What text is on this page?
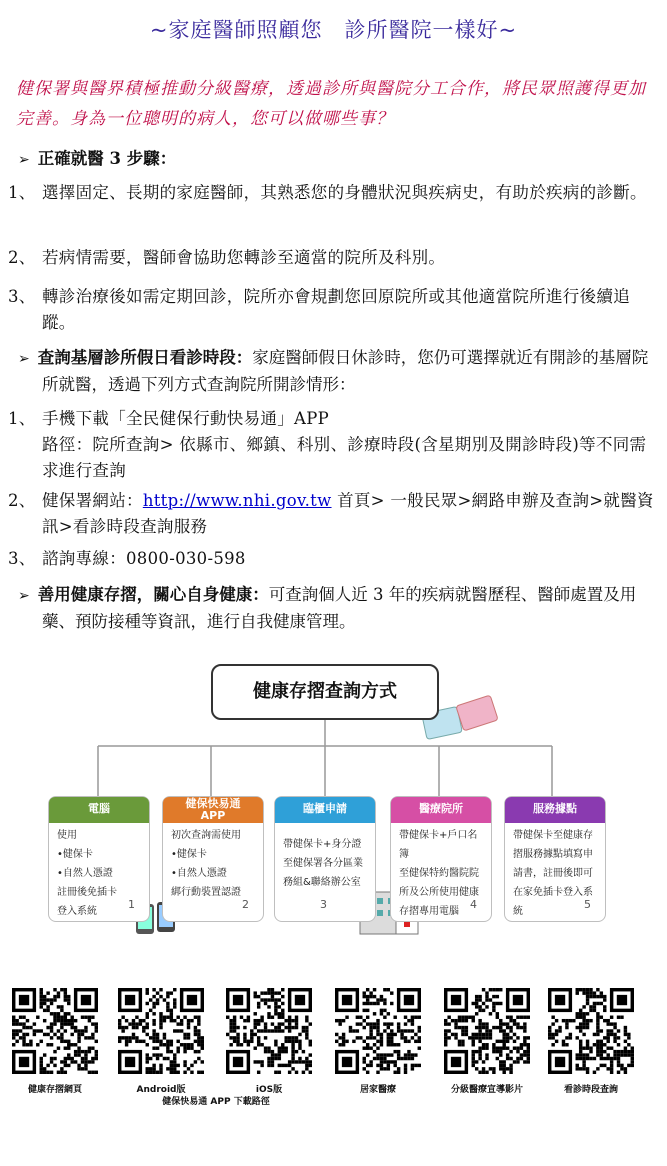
~家庭醫師照顧您　診所醫院一樣好~
健保署與醫界積極推動分級醫療，透過診所與醫院分工合作，將民眾照護得更加完善。身為一位聰明的病人，您可以做哪些事？
➢ 正確就醫 3 步驟：
1、 選擇固定、長期的家庭醫師，其熟悉您的身體狀況與疾病史，有助於疾病的診斷。
2、 若病情需要，醫師會協助您轉診至適當的院所及科別。
3、 轉診治療後如需定期回診，院所亦會規劃您回原院所或其他適當院所進行後續追蹤。
➢ 查詢基層診所假日看診時段：家庭醫師假日休診時，您仍可選擇就近有開診的基層院所就醫，透過下列方式查詢院所開診情形：
1、 手機下載「全民健保行動快易通」APP
路徑：院所查詢> 依縣市、鄉鎮、科別、診療時段(含星期別及開診時段)等不同需求進行查詢
2、 健保署網站：http://www.nhi.gov.tw 首頁> 一般民眾>網路申辦及查詢>就醫資訊>看診時段查詢服務
3、 諮詢專線：0800-030-598
➢ 善用健康存摺，關心自身健康：可查詢個人近 3 年的疾病就醫歷程、醫師處置及用藥、預防接種等資訊，進行自我健康管理。
健康存摺查詢方式
電腦
使用
•健保卡
•自然人憑證
註冊後免插卡
登入系統
1
健保快易通
APP
初次查詢需使用
•健保卡
•自然人憑證
綁行動裝置認證
2
臨櫃申請
帶健保卡+身分證
至健保署各分區業
務組&聯絡辦公室
3
醫療院所
帶健保卡+戶口名簿
至健保特約醫院院
所及公所使用健康
存摺專用電腦
4
服務據點
帶健保卡至健康存
摺服務據點填寫申
請書，註冊後即可
在家免插卡登入系
統
5
健康存摺網頁	Android版	iOS版	居家醫療	分級醫療宣導影片	看診時段查詢
健保快易通 APP 下載路徑
